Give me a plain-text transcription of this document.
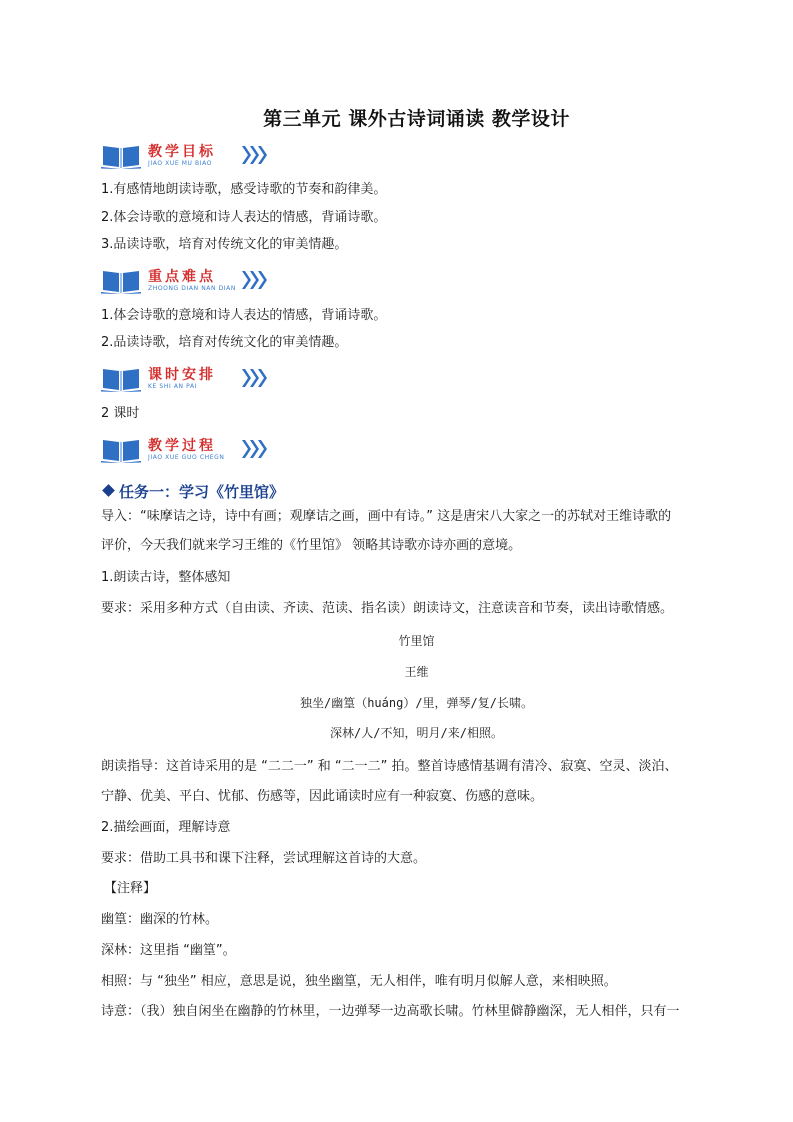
第三单元 课外古诗词诵读 教学设计
教学目标
JIAO XUE MU BIAO
1.有感情地朗读诗歌，感受诗歌的节奏和韵律美。
2.体会诗歌的意境和诗人表达的情感，背诵诗歌。
3.品读诗歌，培育对传统文化的审美情趣。
重点难点
ZHOONG DIAN NAN DIAN
1.体会诗歌的意境和诗人表达的情感，背诵诗歌。
2.品读诗歌，培育对传统文化的审美情趣。
课时安排
KE SHI AN PAI
2 课时
教学过程
JIAO XUE GUO CHEGN
任务一：学习《竹里馆》
导入：“味摩诘之诗，诗中有画；观摩诘之画，画中有诗。” 这是唐宋八大家之一的苏轼对王维诗歌的
评价，今天我们就来学习王维的《竹里馆》 领略其诗歌亦诗亦画的意境。
1.朗读古诗，整体感知
要求：采用多种方式（自由读、齐读、范读、指名读）朗读诗文，注意读音和节奏，读出诗歌情感。
竹里馆
王维
独坐/幽篁（huáng）/里，弹琴/复/长啸。
深林/人/不知，明月/来/相照。
朗读指导：这首诗采用的是 “二二一” 和 “二一二” 拍。整首诗感情基调有清冷、寂寞、空灵、淡泊、
宁静、优美、平白、忧郁、伤感等，因此诵读时应有一种寂寞、伤感的意味。
2.描绘画面，理解诗意
要求：借助工具书和课下注释，尝试理解这首诗的大意。
【注释】
幽篁：幽深的竹林。
深林：这里指 “幽篁”。
相照：与 “独坐” 相应，意思是说，独坐幽篁，无人相伴，唯有明月似解人意，来相映照。
诗意：（我）独自闲坐在幽静的竹林里，一边弹琴一边高歌长啸。竹林里僻静幽深，无人相伴，只有一
